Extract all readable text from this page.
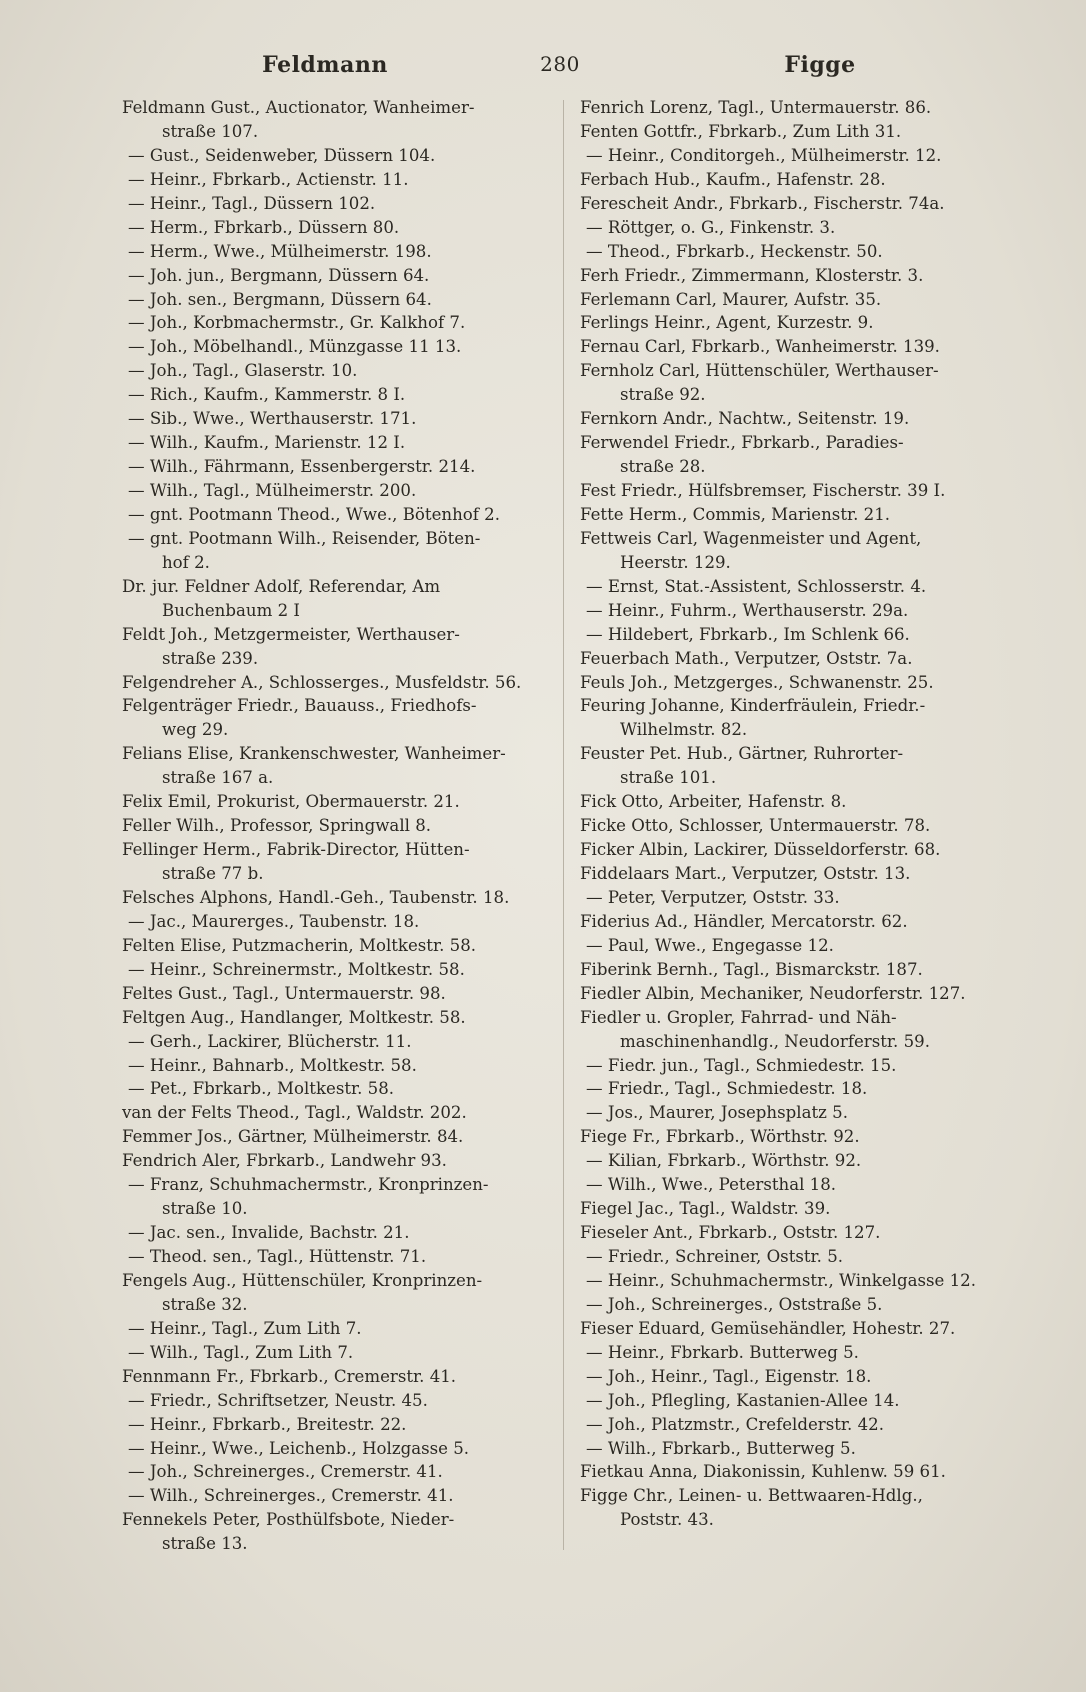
Feldmann	280	Figge
Feldmann Gust., Auctionator, Wanheimer-
straße 107.
— Gust., Seidenweber, Düssern 104.
— Heinr., Fbrkarb., Actienstr. 11.
— Heinr., Tagl., Düssern 102.
— Herm., Fbrkarb., Düssern 80.
— Herm., Wwe., Mülheimerstr. 198.
— Joh. jun., Bergmann, Düssern 64.
— Joh. sen., Bergmann, Düssern 64.
— Joh., Korbmachermstr., Gr. Kalkhof 7.
— Joh., Möbelhandl., Münzgasse 11 13.
— Joh., Tagl., Glaserstr. 10.
— Rich., Kaufm., Kammerstr. 8 I.
— Sib., Wwe., Werthauserstr. 171.
— Wilh., Kaufm., Marienstr. 12 I.
— Wilh., Fährmann, Essenbergerstr. 214.
— Wilh., Tagl., Mülheimerstr. 200.
— gnt. Pootmann Theod., Wwe., Bötenhof 2.
— gnt. Pootmann Wilh., Reisender, Böten-
hof 2.
Dr. jur. Feldner Adolf, Referendar, Am
Buchenbaum 2 I
Feldt Joh., Metzgermeister, Werthauser-
straße 239.
Felgendreher A., Schlosserges., Musfeldstr. 56.
Felgenträger Friedr., Bauauss., Friedhofs-
weg 29.
Felians Elise, Krankenschwester, Wanheimer-
straße 167 a.
Felix Emil, Prokurist, Obermauerstr. 21.
Feller Wilh., Professor, Springwall 8.
Fellinger Herm., Fabrik-Director, Hütten-
straße 77 b.
Felsches Alphons, Handl.-Geh., Taubenstr. 18.
— Jac., Maurerges., Taubenstr. 18.
Felten Elise, Putzmacherin, Moltkestr. 58.
— Heinr., Schreinermstr., Moltkestr. 58.
Feltes Gust., Tagl., Untermauerstr. 98.
Feltgen Aug., Handlanger, Moltkestr. 58.
— Gerh., Lackirer, Blücherstr. 11.
— Heinr., Bahnarb., Moltkestr. 58.
— Pet., Fbrkarb., Moltkestr. 58.
van der Felts Theod., Tagl., Waldstr. 202.
Femmer Jos., Gärtner, Mülheimerstr. 84.
Fendrich Aler, Fbrkarb., Landwehr 93.
— Franz, Schuhmachermstr., Kronprinzen-
straße 10.
— Jac. sen., Invalide, Bachstr. 21.
— Theod. sen., Tagl., Hüttenstr. 71.
Fengels Aug., Hüttenschüler, Kronprinzen-
straße 32.
— Heinr., Tagl., Zum Lith 7.
— Wilh., Tagl., Zum Lith 7.
Fennmann Fr., Fbrkarb., Cremerstr. 41.
— Friedr., Schriftsetzer, Neustr. 45.
— Heinr., Fbrkarb., Breitestr. 22.
— Heinr., Wwe., Leichenb., Holzgasse 5.
— Joh., Schreinerges., Cremerstr. 41.
— Wilh., Schreinerges., Cremerstr. 41.
Fennekels Peter, Posthülfsbote, Nieder-
straße 13.
Fenrich Lorenz, Tagl., Untermauerstr. 86.
Fenten Gottfr., Fbrkarb., Zum Lith 31.
— Heinr., Conditorgeh., Mülheimerstr. 12.
Ferbach Hub., Kaufm., Hafenstr. 28.
Ferescheit Andr., Fbrkarb., Fischerstr. 74a.
— Röttger, o. G., Finkenstr. 3.
— Theod., Fbrkarb., Heckenstr. 50.
Ferh Friedr., Zimmermann, Klosterstr. 3.
Ferlemann Carl, Maurer, Aufstr. 35.
Ferlings Heinr., Agent, Kurzestr. 9.
Fernau Carl, Fbrkarb., Wanheimerstr. 139.
Fernholz Carl, Hüttenschüler, Werthauser-
straße 92.
Fernkorn Andr., Nachtw., Seitenstr. 19.
Ferwendel Friedr., Fbrkarb., Paradies-
straße 28.
Fest Friedr., Hülfsbremser, Fischerstr. 39 I.
Fette Herm., Commis, Marienstr. 21.
Fettweis Carl, Wagenmeister und Agent,
Heerstr. 129.
— Ernst, Stat.-Assistent, Schlosserstr. 4.
— Heinr., Fuhrm., Werthauserstr. 29a.
— Hildebert, Fbrkarb., Im Schlenk 66.
Feuerbach Math., Verputzer, Oststr. 7a.
Feuls Joh., Metzgerges., Schwanenstr. 25.
Feuring Johanne, Kinderfräulein, Friedr.-
Wilhelmstr. 82.
Feuster Pet. Hub., Gärtner, Ruhrorter-
straße 101.
Fick Otto, Arbeiter, Hafenstr. 8.
Ficke Otto, Schlosser, Untermauerstr. 78.
Ficker Albin, Lackirer, Düsseldorferstr. 68.
Fiddelaars Mart., Verputzer, Oststr. 13.
— Peter, Verputzer, Oststr. 33.
Fiderius Ad., Händler, Mercatorstr. 62.
— Paul, Wwe., Engegasse 12.
Fiberink Bernh., Tagl., Bismarckstr. 187.
Fiedler Albin, Mechaniker, Neudorferstr. 127.
Fiedler u. Gropler, Fahrrad- und Näh-
maschinenhandlg., Neudorferstr. 59.
— Fiedr. jun., Tagl., Schmiedestr. 15.
— Friedr., Tagl., Schmiedestr. 18.
— Jos., Maurer, Josephsplatz 5.
Fiege Fr., Fbrkarb., Wörthstr. 92.
— Kilian, Fbrkarb., Wörthstr. 92.
— Wilh., Wwe., Petersthal 18.
Fiegel Jac., Tagl., Waldstr. 39.
Fieseler Ant., Fbrkarb., Oststr. 127.
— Friedr., Schreiner, Oststr. 5.
— Heinr., Schuhmachermstr., Winkelgasse 12.
— Joh., Schreinerges., Oststraße 5.
Fieser Eduard, Gemüsehändler, Hohestr. 27.
— Heinr., Fbrkarb. Butterweg 5.
— Joh., Heinr., Tagl., Eigenstr. 18.
— Joh., Pflegling, Kastanien-Allee 14.
— Joh., Platzmstr., Crefelderstr. 42.
— Wilh., Fbrkarb., Butterweg 5.
Fietkau Anna, Diakonissin, Kuhlenw. 59 61.
Figge Chr., Leinen- u. Bettwaaren-Hdlg.,
Poststr. 43.
